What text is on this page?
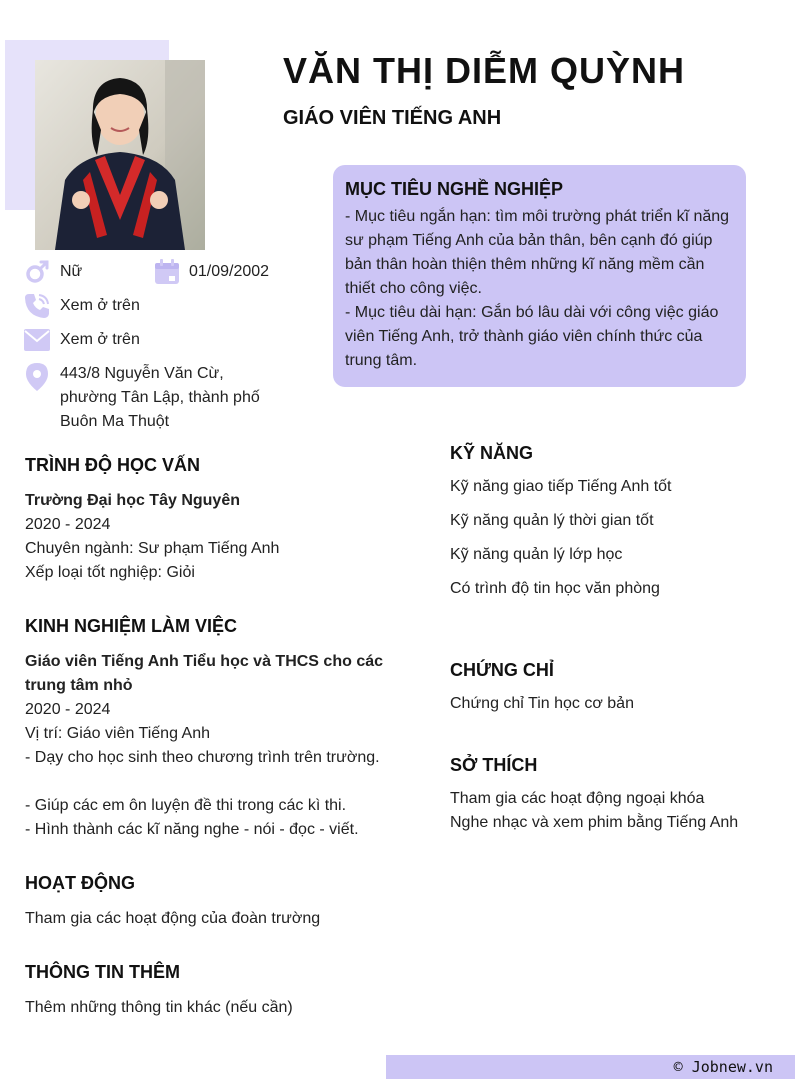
VĂN THỊ DIỄM QUỲNH
GIÁO VIÊN TIẾNG ANH
MỤC TIÊU NGHỀ NGHIỆP

- Mục tiêu ngắn hạn: tìm môi trường phát triển kĩ năng sư phạm Tiếng Anh của bản thân, bên cạnh đó giúp bản thân hoàn thiện thêm những kĩ năng mềm cần thiết cho công việc.

- Mục tiêu dài hạn: Gắn bó lâu dài với công việc giáo viên Tiếng Anh, trở thành giáo viên chính thức của trung tâm.

Nữ	01/09/2002
Xem ở trên
Xem ở trên
443/8 Nguyễn Văn Cừ,
phường Tân Lập, thành phố
Buôn Ma Thuột
TRÌNH ĐỘ HỌC VẤN
Trường Đại học Tây Nguyên
2020 - 2024
Chuyên ngành: Sư phạm Tiếng Anh
Xếp loại tốt nghiệp: Giỏi
KINH NGHIỆM LÀM VIỆC
Giáo viên Tiếng Anh Tiểu học và THCS cho các
trung tâm nhỏ
2020 - 2024
Vị trí: Giáo viên Tiếng Anh
- Dạy cho học sinh theo chương trình trên trường.
- Giúp các em ôn luyện đề thi trong các kì thi.
- Hình thành các kĩ năng nghe - nói - đọc - viết.
HOẠT ĐỘNG
Tham gia các hoạt động của đoàn trường
THÔNG TIN THÊM
Thêm những thông tin khác (nếu cần)
KỸ NĂNG
Kỹ năng giao tiếp Tiếng Anh tốt
Kỹ năng quản lý thời gian tốt
Kỹ năng quản lý lớp học
Có trình độ tin học văn phòng
CHỨNG CHỈ
Chứng chỉ Tin học cơ bản
SỞ THÍCH
Tham gia các hoạt động ngoại khóa
Nghe nhạc và xem phim bằng Tiếng Anh
© Jobnew.vn
